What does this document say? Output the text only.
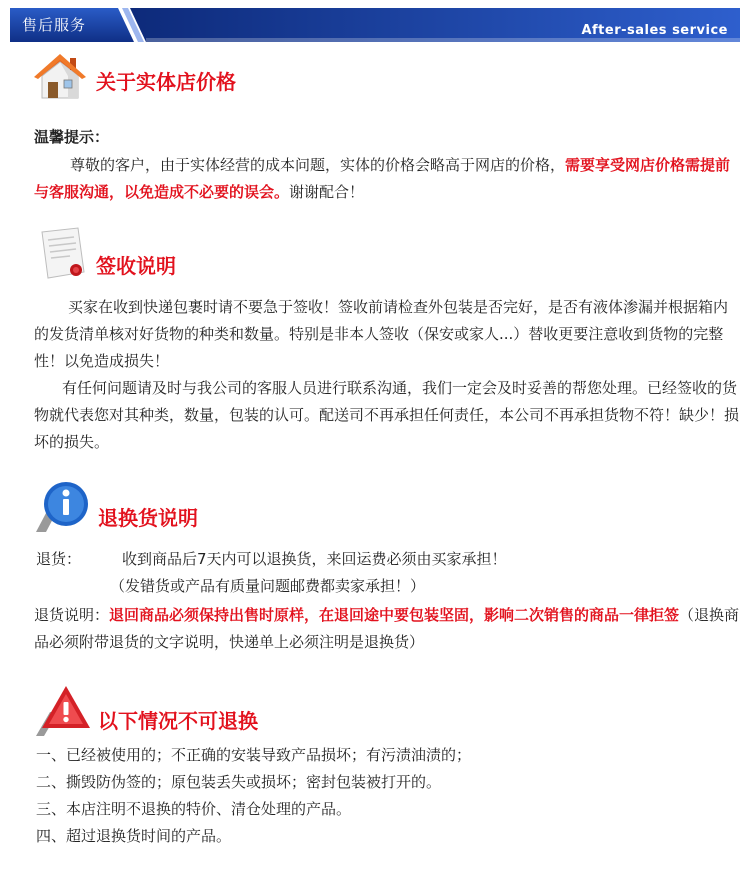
售后服务	After-sales service
关于实体店价格
温馨提示：

尊敬的客户，由于实体经营的成本问题，实体的价格会略高于网店的价格，需要享受网店价格需提前与客服沟通，以免造成不必要的误会。谢谢配合！

签收说明

买家在收到快递包裹时请不要急于签收！签收前请检查外包装是否完好，是否有液体渗漏并根据箱内的发货清单核对好货物的种类和数量。特别是非本人签收（保安或家人...）替收更要注意收到货物的完整性！以免造成损失！

有任何问题请及时与我公司的客服人员进行联系沟通，我们一定会及时妥善的帮您处理。已经签收的货物就代表您对其种类，数量，包装的认可。配送司不再承担任何责任，本公司不再承担货物不符！缺少！损坏的损失。

退换货说明
退货：	收到商品后7天内可以退换货，来回运费必须由买家承担！
（发错货或产品有质量问题邮费都卖家承担！）

退货说明：退回商品必须保持出售时原样，在退回途中要包装坚固，影响二次销售的商品一律拒签（退换商品必须附带退货的文字说明，快递单上必须注明是退换货）

以下情况不可退换
一、已经被使用的；不正确的安装导致产品损坏；有污渍油渍的；
二、撕毁防伪签的；原包装丢失或损坏；密封包装被打开的。
三、本店注明不退换的特价、清仓处理的产品。
四、超过退换货时间的产品。
